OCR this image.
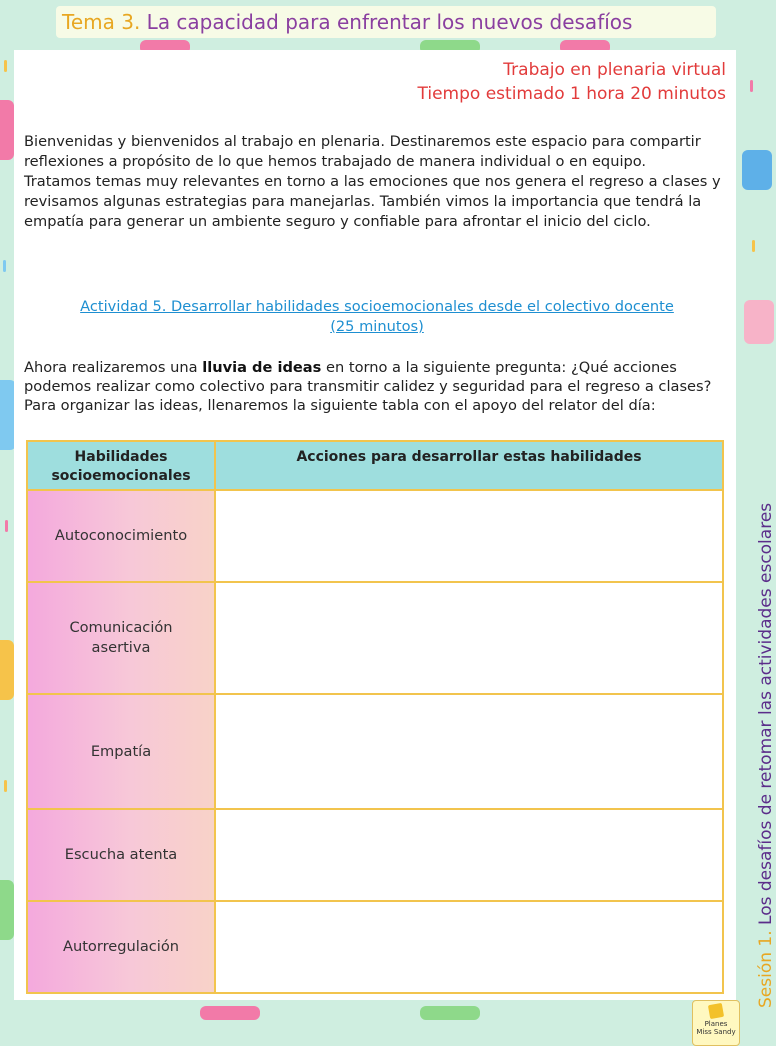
Tema 3. La capacidad para enfrentar los nuevos desafíos
Trabajo en plenaria virtual
Tiempo estimado 1 hora 20 minutos

Bienvenidas y bienvenidos al trabajo en plenaria. Destinaremos este espacio para compartir reflexiones a propósito de lo que hemos trabajado de manera individual o en equipo.

Tratamos temas muy relevantes en torno a las emociones que nos genera el regreso a clases y revisamos algunas estrategias para manejarlas. También vimos la importancia que tendrá la empatía para generar un ambiente seguro y confiable para afrontar el inicio del ciclo.

Actividad 5. Desarrollar habilidades socioemocionales desde el colectivo docente
(25 minutos)
Ahora realizaremos una lluvia de ideas en torno a la siguiente pregunta: ¿Qué acciones podemos realizar como colectivo para transmitir calidez y seguridad para el regreso a clases? Para organizar las ideas, llenaremos la siguiente tabla con el apoyo del relator del día:
Habilidades socioemocionales	Acciones para desarrollar estas habilidades
Autoconocimiento	

Comunicación asertiva	

Empatía	
Escucha atenta	
Autorregulación	
Planes
Miss Sandy
Sesión 1. Los desafíos de retomar las actividades escolares
